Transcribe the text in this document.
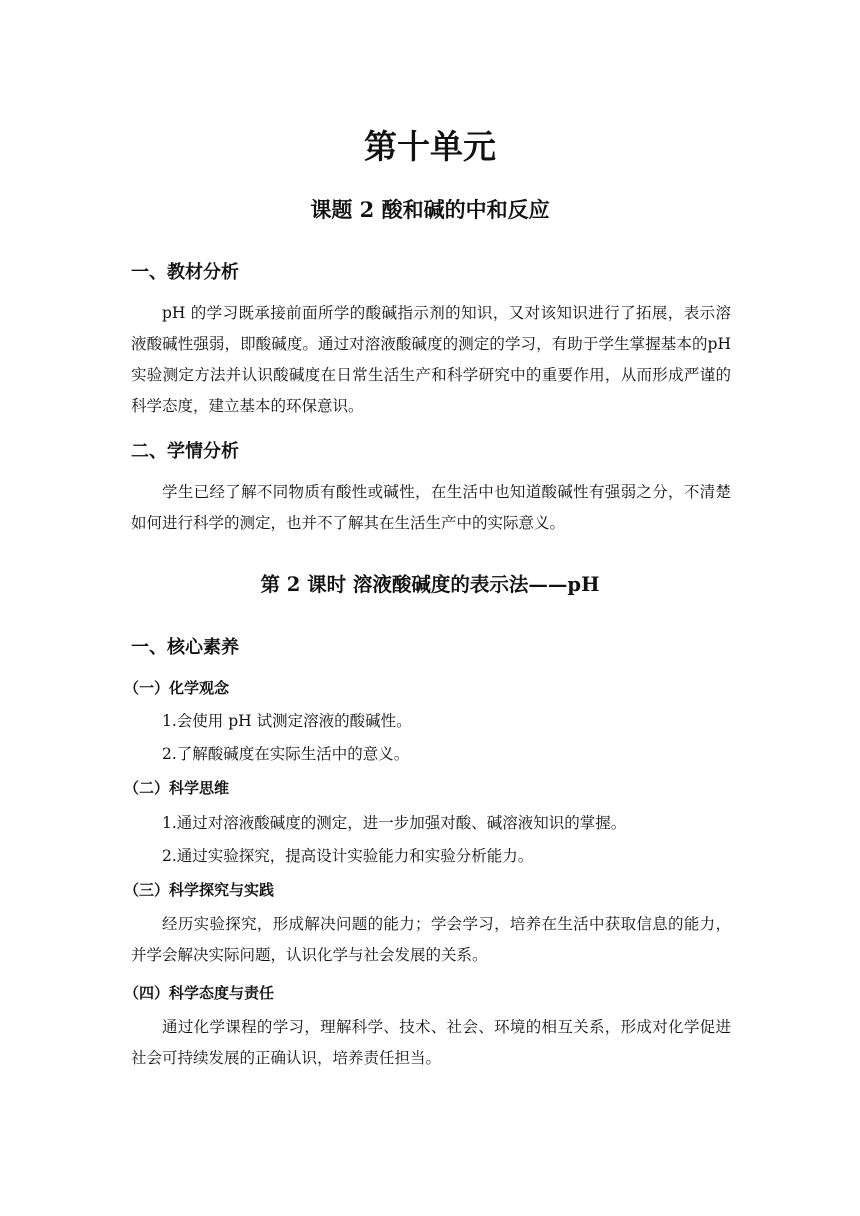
第十单元
课题 2 酸和碱的中和反应
一、教材分析
pH 的学习既承接前面所学的酸碱指示剂的知识，又对该知识进行了拓展，表示溶液酸碱性强弱，即酸碱度。通过对溶液酸碱度的测定的学习，有助于学生掌握基本的pH 实验测定方法并认识酸碱度在日常生活生产和科学研究中的重要作用，从而形成严谨的科学态度，建立基本的环保意识。
二、学情分析
学生已经了解不同物质有酸性或碱性，在生活中也知道酸碱性有强弱之分，不清楚如何进行科学的测定，也并不了解其在生活生产中的实际意义。
第 2 课时 溶液酸碱度的表示法——pH
一、核心素养
（一）化学观念
1.会使用 pH 试测定溶液的酸碱性。
2.了解酸碱度在实际生活中的意义。
（二）科学思维
1.通过对溶液酸碱度的测定，进一步加强对酸、碱溶液知识的掌握。
2.通过实验探究，提高设计实验能力和实验分析能力。
（三）科学探究与实践
经历实验探究，形成解决问题的能力；学会学习，培养在生活中获取信息的能力，并学会解决实际问题，认识化学与社会发展的关系。
（四）科学态度与责任
通过化学课程的学习，理解科学、技术、社会、环境的相互关系，形成对化学促进社会可持续发展的正确认识，培养责任担当。
